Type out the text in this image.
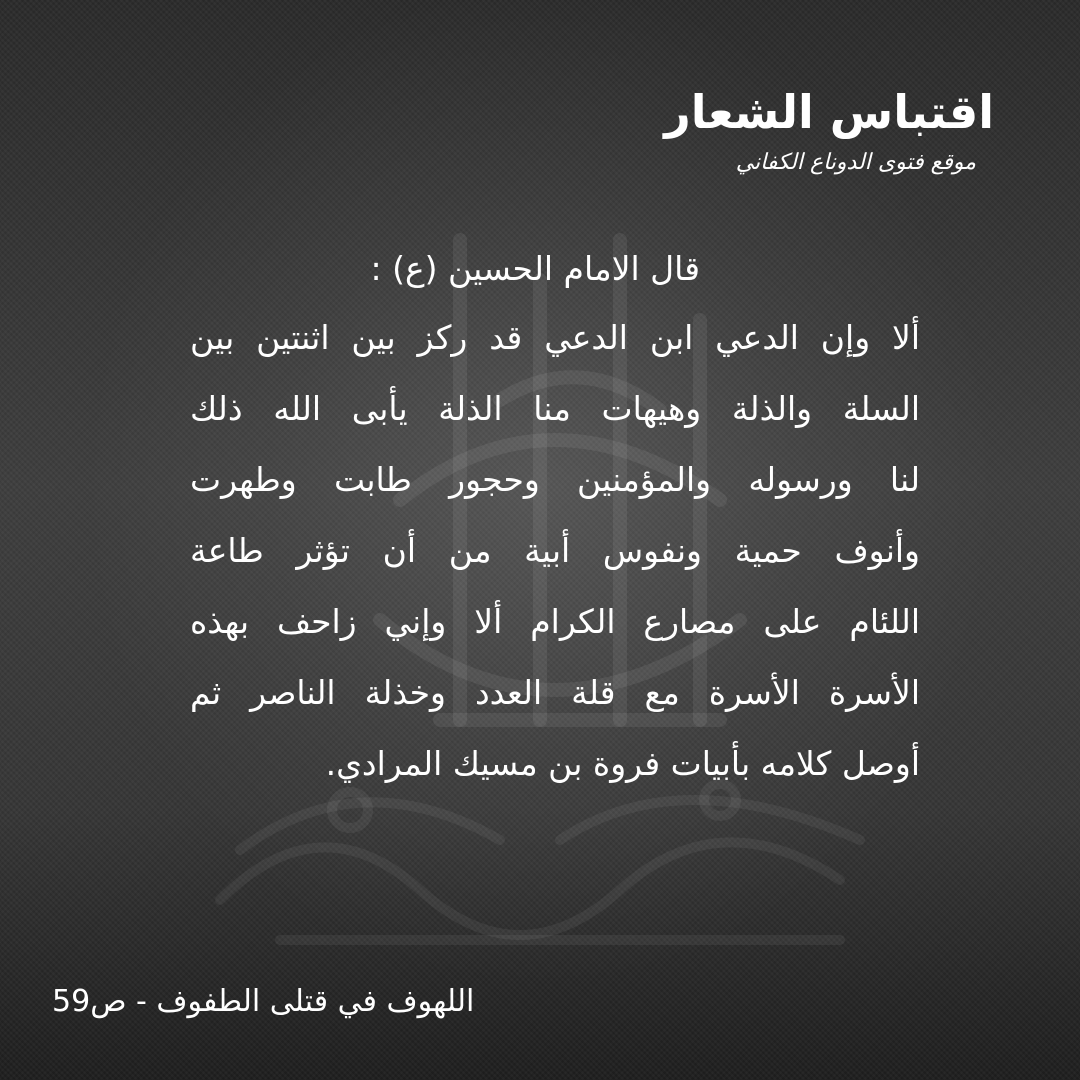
اقتباس الشعار
موقع فتوى الدوناع الكفاني

قال الامام الحسين (ع) :

ألا وإن الدعي ابن الدعي قد ركز بين اثنتين بين

السلة والذلة وهيهات منا الذلة يأبى الله ذلك

لنا ورسوله والمؤمنين وحجور طابت وطهرت

وأنوف حمية ونفوس أبية من أن تؤثر طاعة

اللئام على مصارع الكرام ألا وإني زاحف بهذه

الأسرة الأسرة مع قلة العدد وخذلة الناصر ثم

أوصل كلامه بأبيات فروة بن مسيك المرادي.

اللهوف في قتلى الطفوف - ص59
